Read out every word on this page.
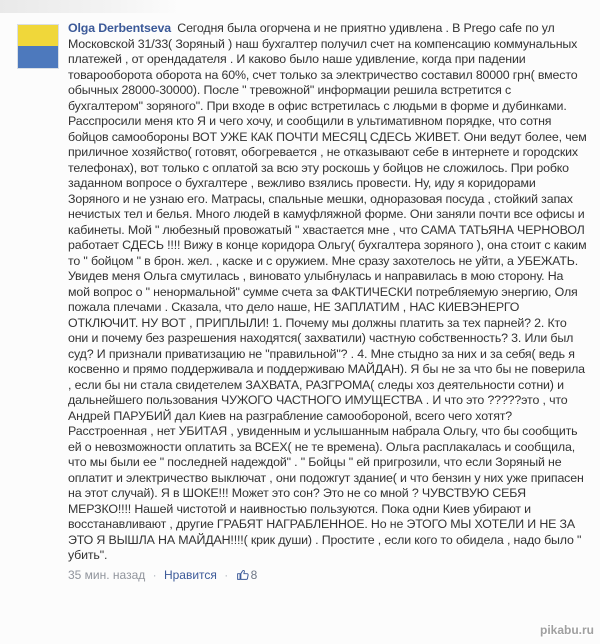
Olga Derbentseva Сегодня была огорчена и не приятно удивлена . В Prego cafe по ул Московской 31/33( Зоряный ) наш бухгалтер получил счет на компенсацию коммунальных платежей , от орендадателя . И каково было наше удивление, когда при падении товарооборота оборота на 60%, счет только за электричество составил 80000 грн( вместо обычных 28000-30000). После " тревожной" информации решила встретится с бухгалтером" зоряного". При входе в офис встретилась с людьми в форме и дубинками. Расспросили меня кто Я и чего хочу, и сообщили в ультимативном порядке, что сотня бойцов самообороны ВОТ УЖЕ КАК ПОЧТИ МЕСЯЦ СДЕСЬ ЖИВЕТ. Они ведут более, чем приличное хозяйство( готовят, обогревается , не отказывают себе в интернете и городских телефонах), вот только с оплатой за всю эту роскошь у бойцов не сложилось. При робко заданном вопросе о бухгалтере , вежливо взялись провести. Ну, иду я коридорами Зоряного и не узнаю его. Матрасы, спальные мешки, одноразовая посуда , стойкий запах нечистых тел и белья. Много людей в камуфляжной форме. Они заняли почти все офисы и кабинеты. Мой " любезный провожатый " хвастается мне , что САМА ТАТЬЯНА ЧЕРНОВОЛ работает СДЕСЬ !!!! Вижу в конце коридора Ольгу( бухгалтера зоряного ), она стоит с каким то " бойцом " в брон. жел. , каске и с оружием. Мне сразу захотелось не уйти, а УБЕЖАТЬ. Увидев меня Ольга смутилась , виновато улыбнулась и направилась в мою сторону. На мой вопрос о " ненормальной" сумме счета за ФАКТИЧЕСКИ потребляемую энергию, Оля пожала плечами . Сказала, что дело наше, НЕ ЗАПЛАТИМ , НАС КИЕВЭНЕРГО ОТКЛЮЧИТ. НУ ВОТ , ПРИПЛЫЛИ! 1. Почему мы должны платить за тех парней? 2. Кто они и почему без разрешения находятся( захватили) частную собственность? 3. Или был суд? И признали приватизацию не "правильной"? . 4. Мне стыдно за них и за себя( ведь я косвенно и прямо поддерживала и поддерживаю МАЙДАН). Я бы не за что бы не поверила , если бы ни стала свидетелем ЗАХВАТА, РАЗГРОМА( следы хоз деятельности сотни) и дальнейшего пользования ЧУЖОГО ЧАСТНОГО ИМУЩЕСТВА . И что это ?????это , что Андрей ПАРУБИЙ дал Киев на разграбление самообороной, всего чего хотят? Расстроенная , нет УБИТАЯ , увиденным и услышанным набрала Ольгу, что бы сообщить ей о невозможности оплатить за ВСЕХ( не те времена). Ольга расплакалась и сообщила, что мы были ее " последней надеждой" . " Бойцы " ей пригрозили, что если Зоряный не оплатит и электричество выключат , они подожгут здание( и что бензин у них уже припасен на этот случай). Я в ШОКЕ!!! Может это сон? Это не со мной ? ЧУВСТВУЮ СЕБЯ МЕРЗКО!!!! Нашей чистотой и наивностью пользуются. Пока одни Киев убирают и восстанавливают , другие ГРАБЯТ НАГРАБЛЕННОЕ. Но не ЭТОГО МЫ ХОТЕЛИ И НЕ ЗА ЭТО Я ВЫШЛА НА МАЙДАН!!!!( крик души) . Простите , если кого то обидела , надо было " убить".
35 мин. назад · Нравится · 8
pikabu.ru
